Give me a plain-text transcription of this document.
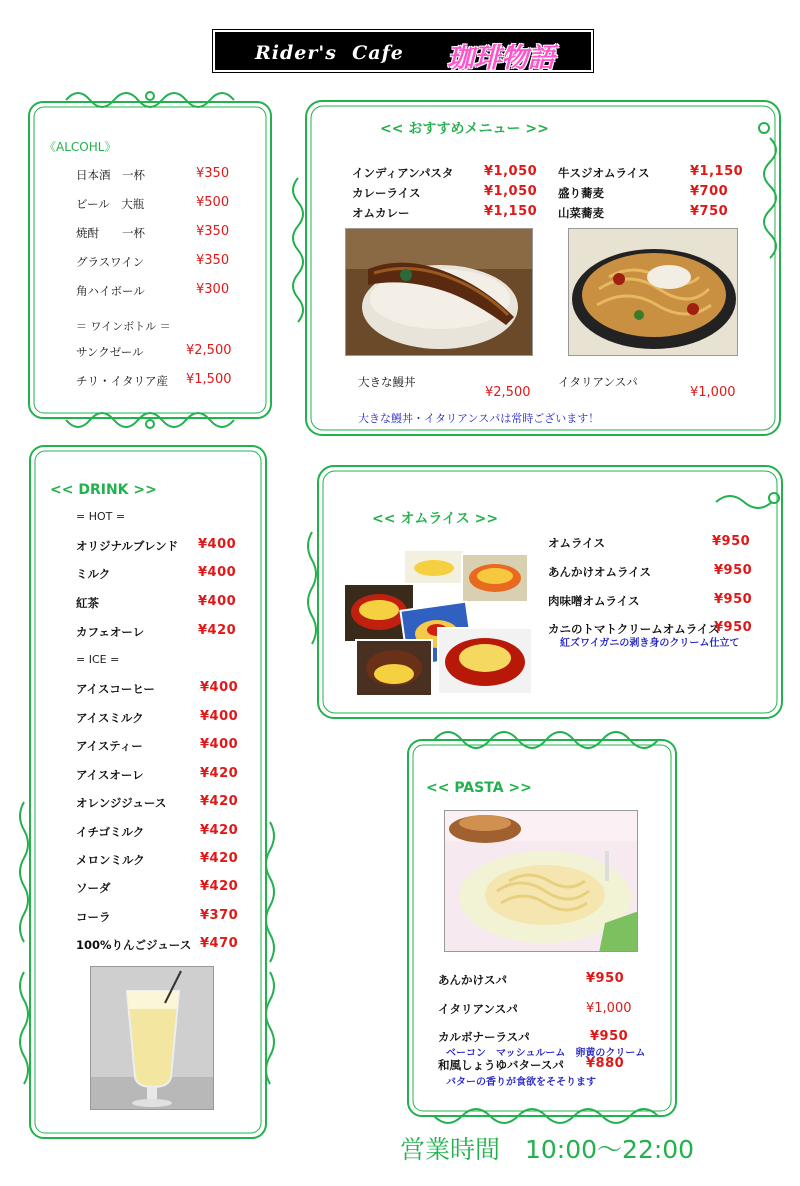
Rider's  Cafe 珈琲物語
《ALCOHL》
日本酒　一杯	¥350
ビール　大瓶	¥500
焼酎　　一杯	¥350
グラスワイン	¥350
角ハイボール	¥300
＝ ワインボトル ＝
サンクゼール	¥2,500
チリ・イタリア産 ¥1,500
<< おすすめメニュー >>
インディアンパスタ ¥1,050
カレーライス	¥1,050
オムカレー	¥1,150
牛スジオムライス	¥1,150
盛り蕎麦	¥700
山菜蕎麦	¥750
大きな鰻丼
¥2,500
イタリアンスパ
¥1,000
大きな鰻丼・イタリアンスパは常時ございます！
<< DRINK >>
= HOT =
オリジナルブレンド ¥400
ミルク	¥400
紅茶	¥400
カフェオーレ	¥420
= ICE =
アイスコーヒー	¥400
アイスミルク	¥400
アイスティー	¥400
アイスオーレ	¥420
オレンジジュース	¥420
イチゴミルク	¥420
メロンミルク	¥420
ソーダ	¥420
コーラ	¥370
100%りんごジュース ¥470
<< オムライス >>
オムライス	¥950
あんかけオムライス	¥950
肉味噌オムライス	¥950
カニのトマトクリームオムライス
¥950
紅ズワイガニの剥き身のクリーム仕立て
<< PASTA >>
あんかけスパ	¥950
イタリアンスパ	¥1,000
カルボナーラスパ	¥950
ベーコン　マッシュルーム　卵黄のクリーム
和風しょうゆバタースパ ¥880
バターの香りが食欲をそそります
営業時間　10:00〜22:00
